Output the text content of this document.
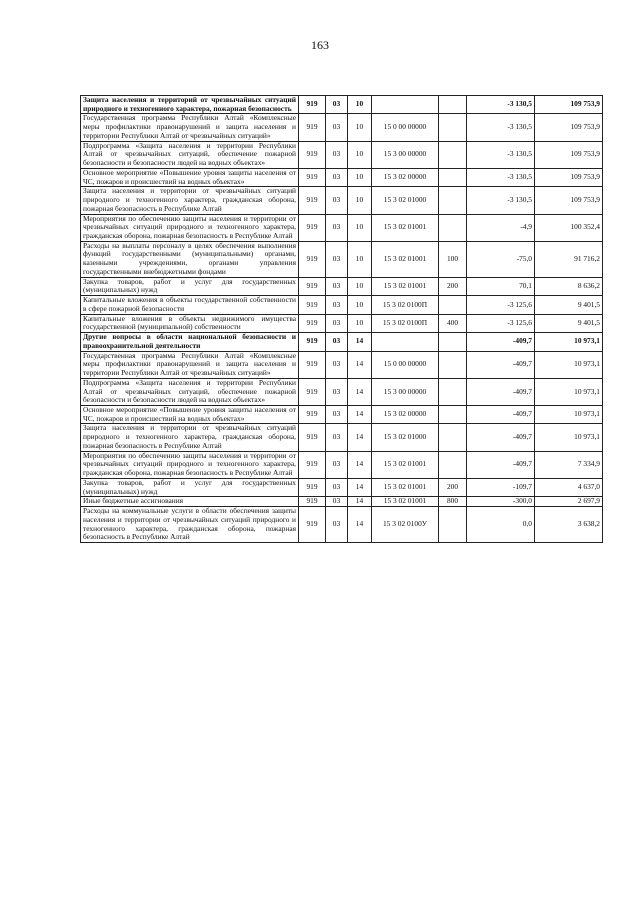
163
Защита населения и территорий от чрезвычайных ситуаций природного и техногенного характера, пожарная безопасность	919	03	10			-3 130,5	109 753,9
Государственная программа Республики Алтай «Комплексные меры профилактики правонарушений и защита населения и территории Республики Алтай от чрезвычайных ситуаций»	919	03	10	15 0 00 00000		-3 130,5	109 753,9
Подпрограмма «Защита населения и территории Республики Алтай от чрезвычайных ситуаций, обеспечение пожарной безопасности и безопасности людей на водных объектах»	919	03	10	15 3 00 00000		-3 130,5	109 753,9
Основное мероприятие «Повышение уровня защиты населения от ЧС, пожаров и происшествий на водных объектах»	919	03	10	15 3 02 00000		-3 130,5	109 753,9
Защита населения и территории от чрезвычайных ситуаций природного и техногенного характера, гражданская оборона, пожарная безопасность в Республике Алтай	919	03	10	15 3 02 01000		-3 130,5	109 753,9
Мероприятия по обеспечению защиты населения и территории от чрезвычайных ситуаций природного и техногенного характера, гражданская оборона, пожарная безопасность в Республике Алтай	919	03	10	15 3 02 01001		-4,9	100 352,4
Расходы на выплаты персоналу в целях обеспечения выполнения функций государственными (муниципальными) органами, казенными учреждениями, органами управления государственными внебюджетными фондами	919	03	10	15 3 02 01001	100	-75,0	91 716,2
Закупка товаров, работ и услуг для государственных (муниципальных) нужд	919	03	10	15 3 02 01001	200	70,1	8 636,2
Капитальные вложения в объекты государственной собственности в сфере пожарной безопасности	919	03	10	15 3 02 0100П		-3 125,6	9 401,5
Капитальные вложения в объекты недвижимого имущества государственной (муниципальной) собственности	919	03	10	15 3 02 0100П	400	-3 125,6	9 401,5
Другие вопросы в области национальной безопасности и правоохранительной деятельности	919	03	14			-409,7	10 973,1
Государственная программа Республики Алтай «Комплексные меры профилактики правонарушений и защита населения и территории Республики Алтай от чрезвычайных ситуаций»	919	03	14	15 0 00 00000		-409,7	10 973,1
Подпрограмма «Защита населения и территории Республики Алтай от чрезвычайных ситуаций, обеспечение пожарной безопасности и безопасности людей на водных объектах»	919	03	14	15 3 00 00000		-409,7	10 973,1
Основное мероприятие «Повышение уровня защиты населения от ЧС, пожаров и происшествий на водных объектах»	919	03	14	15 3 02 00000		-409,7	10 973,1
Защита населения и территории от чрезвычайных ситуаций природного и техногенного характера, гражданская оборона, пожарная безопасность в Республике Алтай	919	03	14	15 3 02 01000		-409,7	10 973,1
Мероприятия по обеспечению защиты населения и территории от чрезвычайных ситуаций природного и техногенного характера, гражданская оборона, пожарная безопасность в Республике Алтай	919	03	14	15 3 02 01001		-409,7	7 334,9
Закупка товаров, работ и услуг для государственных (муниципальных) нужд	919	03	14	15 3 02 01001	200	-109,7	4 637,0
Иные бюджетные ассигнования	919	03	14	15 3 02 01001	800	-300,0	2 697,9
Расходы на коммунальные услуги в области обеспечения защиты населения и территории от чрезвычайных ситуаций природного и техногенного характера, гражданская оборона, пожарная безопасность в Республике Алтай	919	03	14	15 3 02 0100У		0,0	3 638,2
